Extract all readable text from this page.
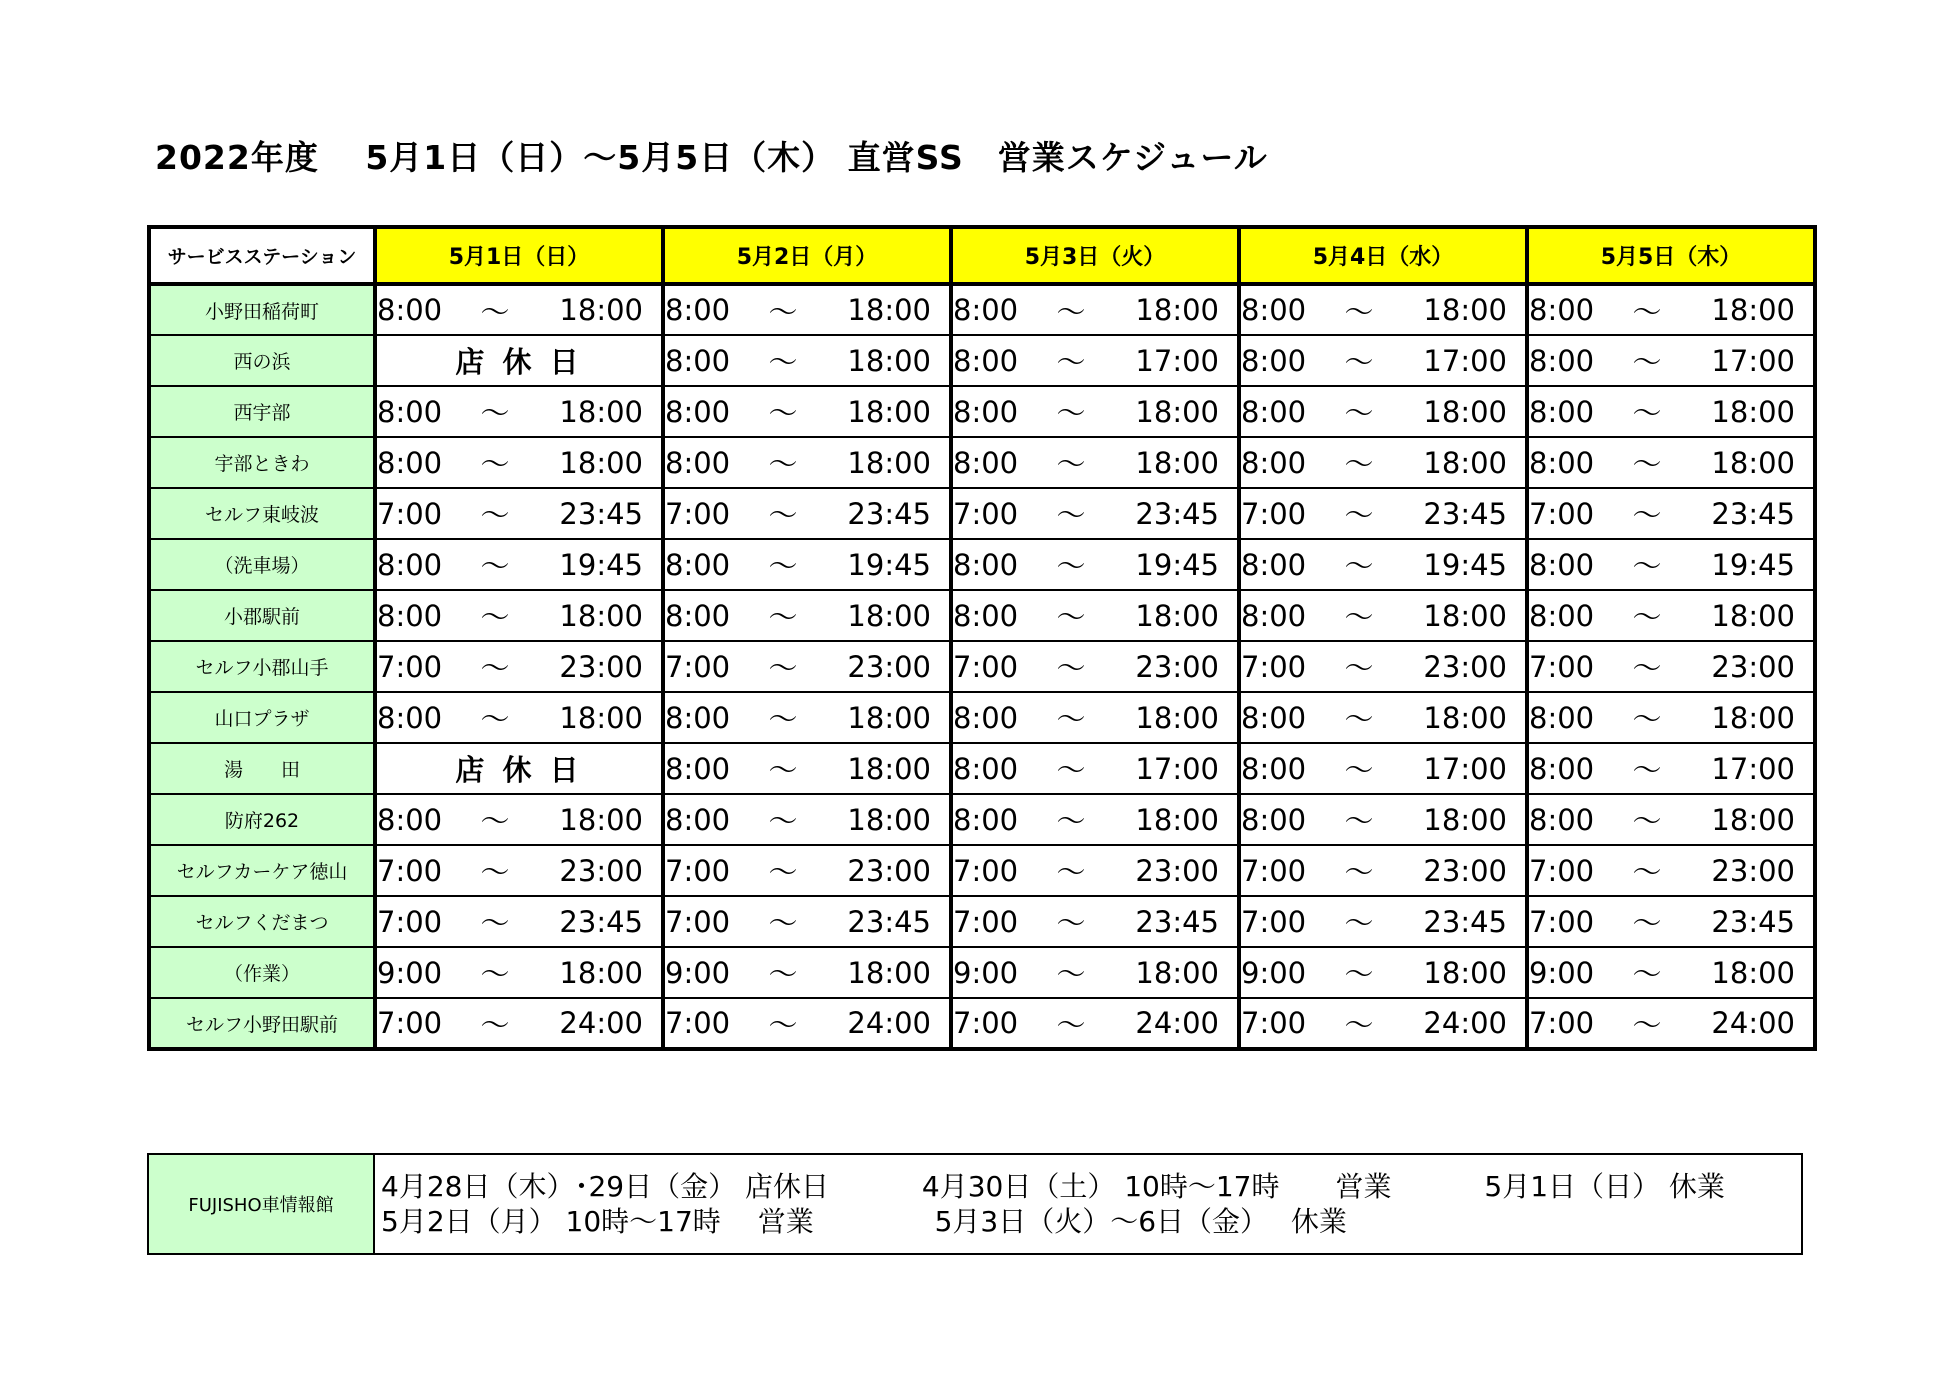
2022年度　 5月1日（日）～5月5日（木） 直営SS　営業スケジュール
サービスステーション	5月1日（日）	5月2日（月）	5月3日（火）	5月4日（水）	5月5日（木）
小野田稲荷町	8:00 ～ 18:00	8:00 ～ 18:00	8:00 ～ 18:00	8:00 ～ 18:00	8:00 ～ 18:00

西の浜	店 休 日	8:00 ～ 18:00	8:00 ～ 17:00	8:00 ～ 17:00	8:00 ～ 17:00

西宇部	8:00 ～ 18:00	8:00 ～ 18:00	8:00 ～ 18:00	8:00 ～ 18:00	8:00 ～ 18:00

宇部ときわ	8:00 ～ 18:00	8:00 ～ 18:00	8:00 ～ 18:00	8:00 ～ 18:00	8:00 ～ 18:00

セルフ東岐波	7:00 ～ 23:45	7:00 ～ 23:45	7:00 ～ 23:45	7:00 ～ 23:45	7:00 ～ 23:45

（洗車場）	8:00 ～ 19:45	8:00 ～ 19:45	8:00 ～ 19:45	8:00 ～ 19:45	8:00 ～ 19:45

小郡駅前	8:00 ～ 18:00	8:00 ～ 18:00	8:00 ～ 18:00	8:00 ～ 18:00	8:00 ～ 18:00

セルフ小郡山手	7:00 ～ 23:00	7:00 ～ 23:00	7:00 ～ 23:00	7:00 ～ 23:00	7:00 ～ 23:00

山口プラザ	8:00 ～ 18:00	8:00 ～ 18:00	8:00 ～ 18:00	8:00 ～ 18:00	8:00 ～ 18:00

湯　　田	店 休 日	8:00 ～ 18:00	8:00 ～ 17:00	8:00 ～ 17:00	8:00 ～ 17:00

防府262	8:00 ～ 18:00	8:00 ～ 18:00	8:00 ～ 18:00	8:00 ～ 18:00	8:00 ～ 18:00

セルフカーケア徳山	7:00 ～ 23:00	7:00 ～ 23:00	7:00 ～ 23:00	7:00 ～ 23:00	7:00 ～ 23:00

セルフくだまつ	7:00 ～ 23:45	7:00 ～ 23:45	7:00 ～ 23:45	7:00 ～ 23:45	7:00 ～ 23:45

（作業）	9:00 ～ 18:00	9:00 ～ 18:00	9:00 ～ 18:00	9:00 ～ 18:00	9:00 ～ 18:00

セルフ小野田駅前	7:00 ～ 24:00	7:00 ～ 24:00	7:00 ～ 24:00	7:00 ～ 24:00	7:00 ～ 24:00
FUJISHO車情報館	
4月28日（木）･29日（金） 店休日　　　 4月30日（土） 10時～17時　　営業　　　 5月1日（日） 休業
5月2日（月） 10時～17時　 営業　　　　 5月3日（火）～6日（金）　 休業
